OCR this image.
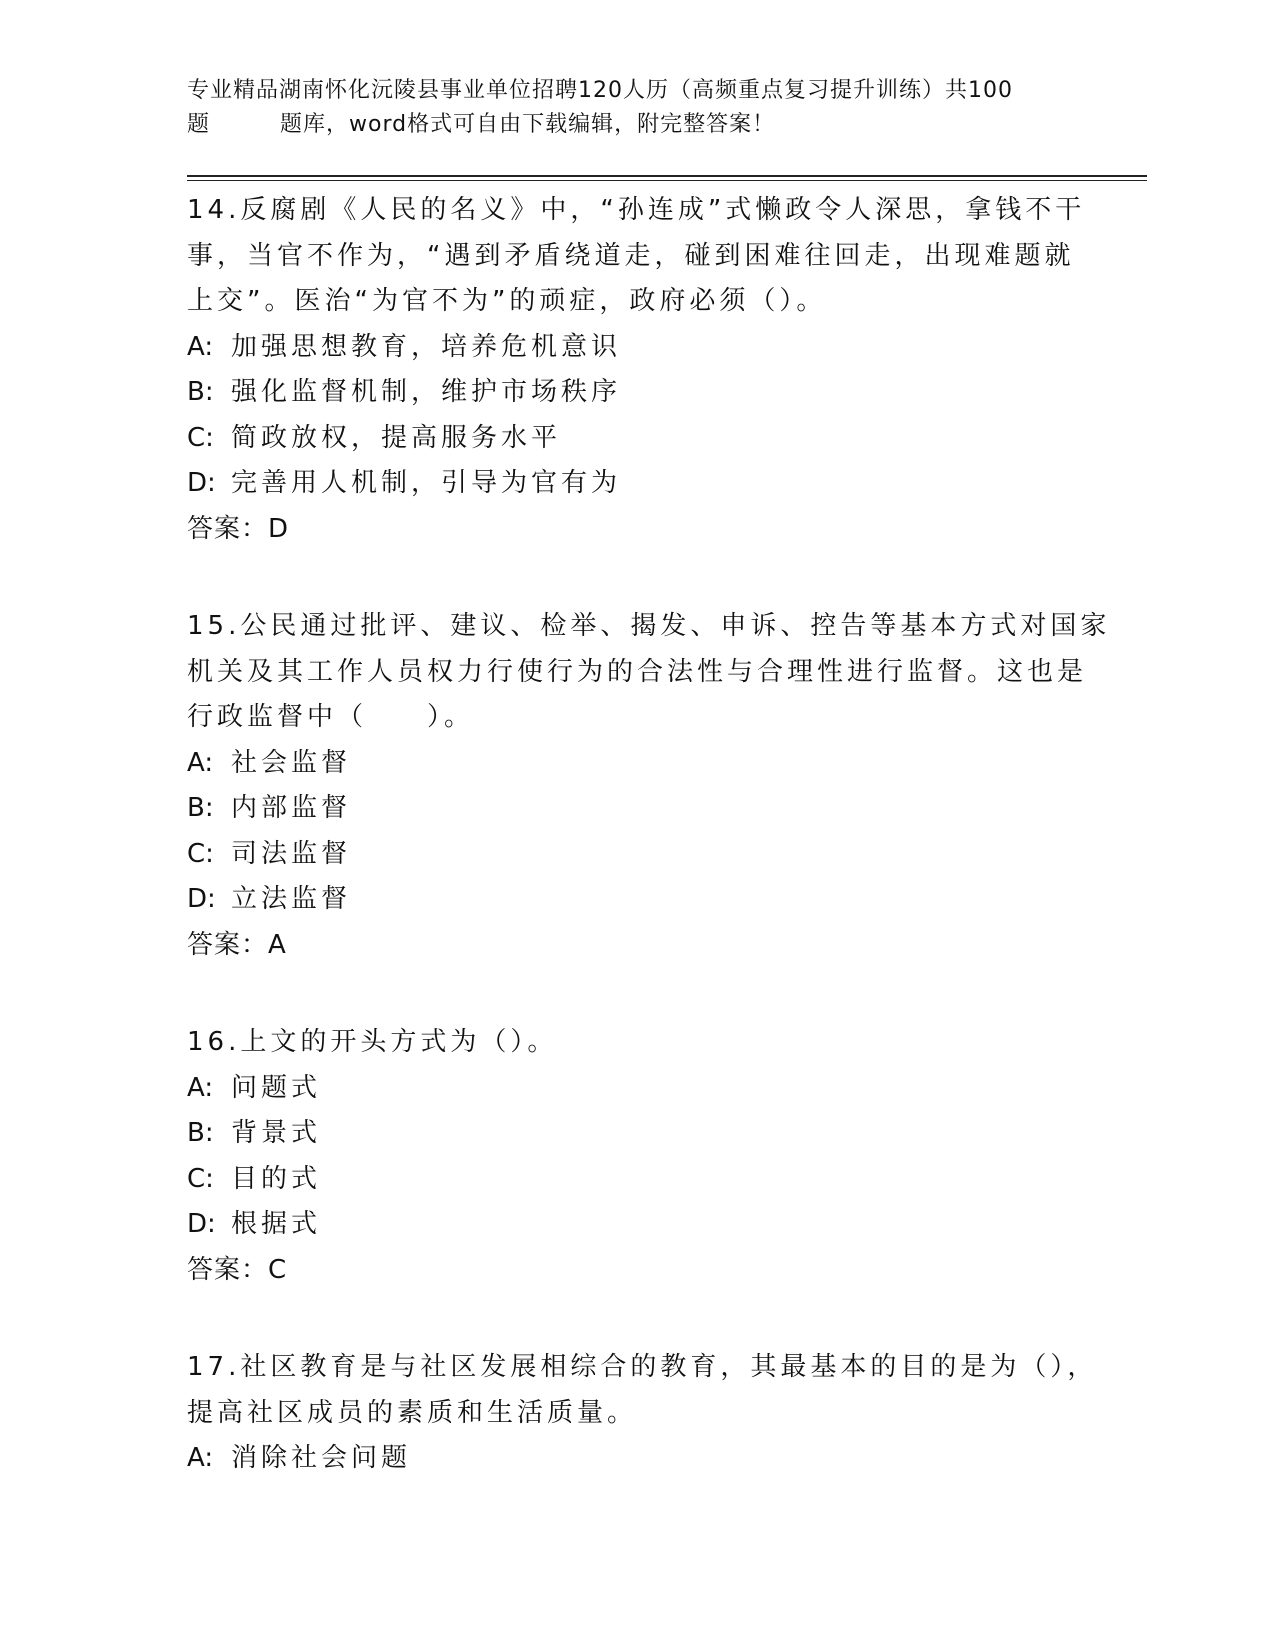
专业精品湖南怀化沅陵县事业单位招聘120人历（高频重点复习提升训练）共100
题	题库，word格式可自由下载编辑，附完整答案！
14.反腐剧《人民的名义》中，“孙连成”式懒政令人深思，拿钱不干
事，当官不作为，“遇到矛盾绕道走，碰到困难往回走，出现难题就
上交”。医治“为官不为”的顽症，政府必须（）。
A: 加强思想教育，培养危机意识
B: 强化监督机制，维护市场秩序
C: 简政放权，提高服务水平
D: 完善用人机制，引导为官有为
答案：D
15.公民通过批评、建议、检举、揭发、申诉、控告等基本方式对国家
机关及其工作人员权力行使行为的合法性与合理性进行监督。这也是
行政监督中（　　）。
A: 社会监督
B: 内部监督
C: 司法监督
D: 立法监督
答案：A
16.上文的开头方式为（）。
A: 问题式
B: 背景式
C: 目的式
D: 根据式
答案：C
17.社区教育是与社区发展相综合的教育，其最基本的目的是为（），
提高社区成员的素质和生活质量。
A: 消除社会问题
